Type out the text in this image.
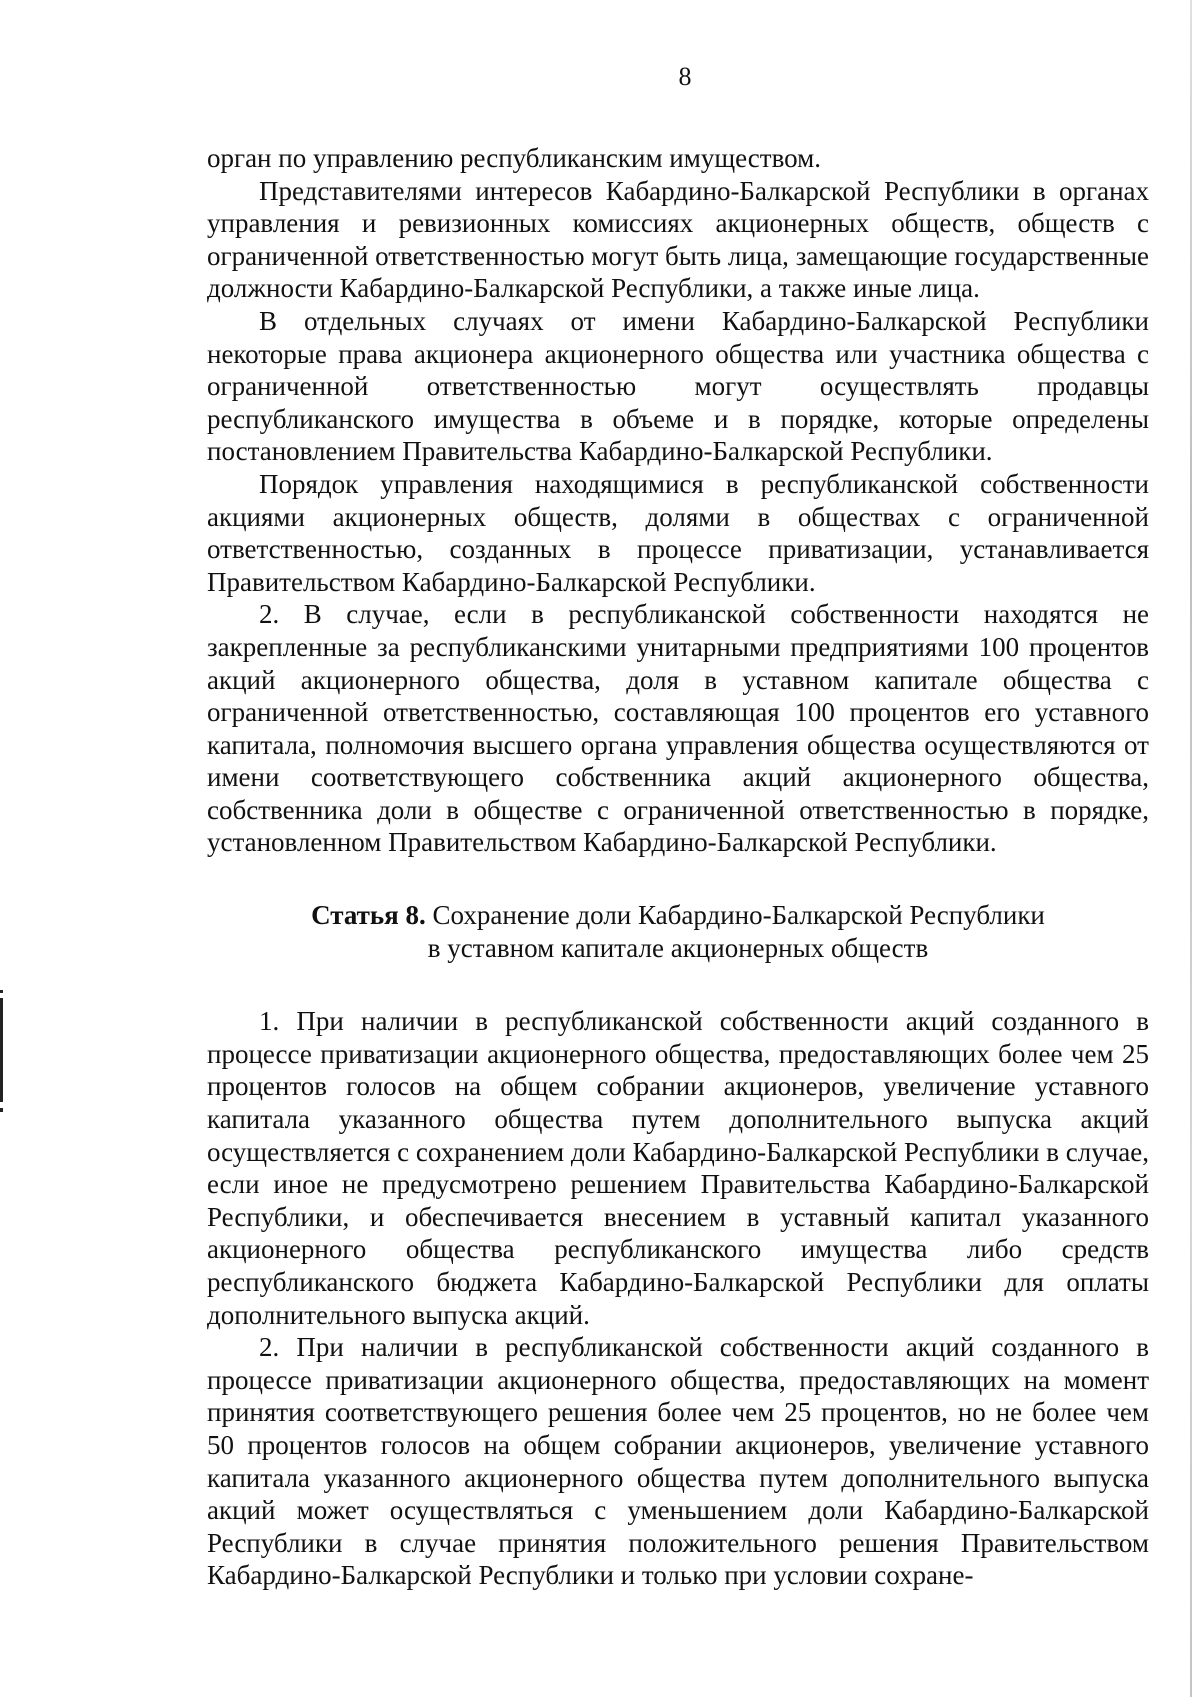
8

орган по управлению республиканским имуществом.

Представителями интересов Кабардино-Балкарской Республики в органах управления и ревизионных комиссиях акционерных обществ, обществ с ограниченной ответственностью могут быть лица, замещающие государственные должности Кабардино-Балкарской Республики, а также иные лица.

В отдельных случаях от имени Кабардино-Балкарской Республики некоторые права акционера акционерного общества или участника общества с ограниченной ответственностью могут осуществлять продавцы республиканского имущества в объеме и в порядке, которые определены постановлением Правительства Кабардино-Балкарской Республики.

Порядок управления находящимися в республиканской собственности акциями акционерных обществ, долями в обществах с ограниченной ответственностью, созданных в процессе приватизации, устанавливается Правительством Кабардино-Балкарской Республики.

2. В случае, если в республиканской собственности находятся не закрепленные за республиканскими унитарными предприятиями 100 процентов акций акционерного общества, доля в уставном капитале общества с ограниченной ответственностью, составляющая 100 процентов его уставного капитала, полномочия высшего органа управления общества осуществляются от имени соответствующего собственника акций акционерного общества, собственника доли в обществе с ограниченной ответственностью в порядке, установленном Правительством Кабардино-Балкарской Республики.

Статья 8. Сохранение доли Кабардино-Балкарской Республики
в уставном капитале акционерных обществ

1. При наличии в республиканской собственности акций созданного в процессе приватизации акционерного общества, предоставляющих более чем 25 процентов голосов на общем собрании акционеров, увеличение уставного капитала указанного общества путем дополнительного выпуска акций осуществляется с сохранением доли Кабардино-Балкарской Республики в случае, если иное не предусмотрено решением Правительства Кабардино-Балкарской Республики, и обеспечивается внесением в уставный капитал указанного акционерного общества республиканского имущества либо средств республиканского бюджета Кабардино-Балкарской Республики для оплаты дополнительного выпуска акций.

2. При наличии в республиканской собственности акций созданного в процессе приватизации акционерного общества, предоставляющих на момент принятия соответствующего решения более чем 25 процентов, но не более чем 50 процентов голосов на общем собрании акционеров, увеличение уставного капитала указанного акционерного общества путем дополнительного выпуска акций может осуществляться с уменьшением доли Кабардино-Балкарской Республики в случае принятия положительного решения Правительством Кабардино-Балкарской Республики и только при условии сохране-
